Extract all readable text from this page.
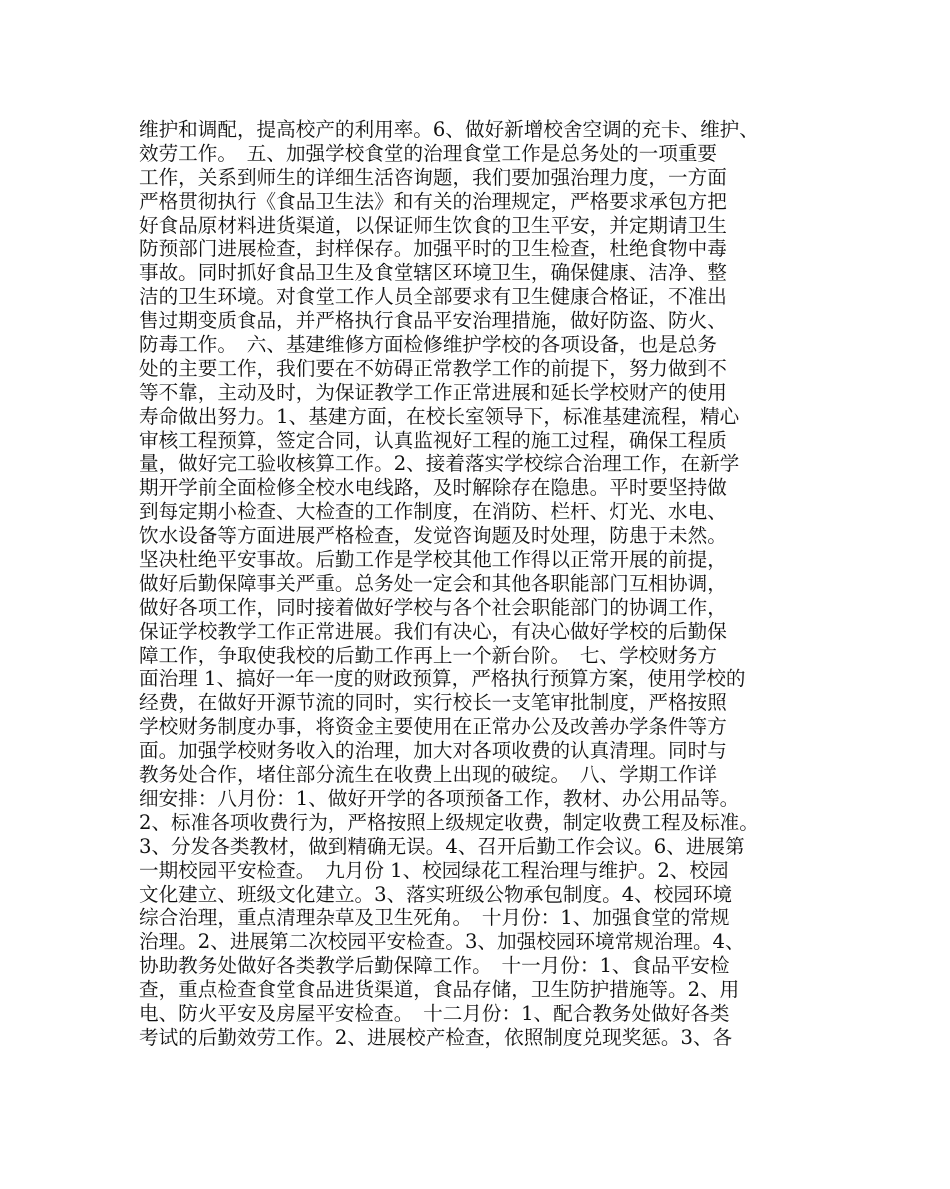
维护和调配，提高校产的利用率。6、做好新增校舍空调的充卡、维护、
效劳工作。　五、加强学校食堂的治理食堂工作是总务处的一项重要
工作，关系到师生的详细生活咨询题，我们要加强治理力度，一方面
严格贯彻执行《食品卫生法》和有关的治理规定，严格要求承包方把
好食品原材料进货渠道，以保证师生饮食的卫生平安，并定期请卫生
防预部门进展检查，封样保存。加强平时的卫生检查，杜绝食物中毒
事故。同时抓好食品卫生及食堂辖区环境卫生，确保健康、洁净、整
洁的卫生环境。对食堂工作人员全部要求有卫生健康合格证，不准出
售过期变质食品，并严格执行食品平安治理措施，做好防盗、防火、
防毒工作。　六、基建维修方面检修维护学校的各项设备，也是总务
处的主要工作，我们要在不妨碍正常教学工作的前提下，努力做到不
等不靠，主动及时，为保证教学工作正常进展和延长学校财产的使用
寿命做出努力。1、基建方面，在校长室领导下，标准基建流程，精心
审核工程预算，签定合同，认真监视好工程的施工过程，确保工程质
量，做好完工验收核算工作。2、接着落实学校综合治理工作，在新学
期开学前全面检修全校水电线路，及时解除存在隐患。平时要坚持做
到每定期小检查、大检查的工作制度，在消防、栏杆、灯光、水电、
饮水设备等方面进展严格检查，发觉咨询题及时处理，防患于未然。
坚决杜绝平安事故。后勤工作是学校其他工作得以正常开展的前提，
做好后勤保障事关严重。总务处一定会和其他各职能部门互相协调，
做好各项工作，同时接着做好学校与各个社会职能部门的协调工作，
保证学校教学工作正常进展。我们有决心，有决心做好学校的后勤保
障工作，争取使我校的后勤工作再上一个新台阶。　七、学校财务方
面治理 1、搞好一年一度的财政预算，严格执行预算方案，使用学校的
经费，在做好开源节流的同时，实行校长一支笔审批制度，严格按照
学校财务制度办事，将资金主要使用在正常办公及改善办学条件等方
面。加强学校财务收入的治理，加大对各项收费的认真清理。同时与
教务处合作，堵住部分流生在收费上出现的破绽。　八、学期工作详
细安排：八月份：1、做好开学的各项预备工作，教材、办公用品等。
2、标准各项收费行为，严格按照上级规定收费，制定收费工程及标准。
3、分发各类教材，做到精确无误。4、召开后勤工作会议。6、进展第
一期校园平安检查。　九月份 1、校园绿花工程治理与维护。2、校园
文化建立、班级文化建立。3、落实班级公物承包制度。4、校园环境
综合治理，重点清理杂草及卫生死角。　十月份：1、加强食堂的常规
治理。2、进展第二次校园平安检查。3、加强校园环境常规治理。4、
协助教务处做好各类教学后勤保障工作。　十一月份：1、食品平安检
查，重点检查食堂食品进货渠道，食品存储，卫生防护措施等。2、用
电、防火平安及房屋平安检查。　十二月份：1、配合教务处做好各类
考试的后勤效劳工作。2、进展校产检查，依照制度兑现奖惩。3、各
